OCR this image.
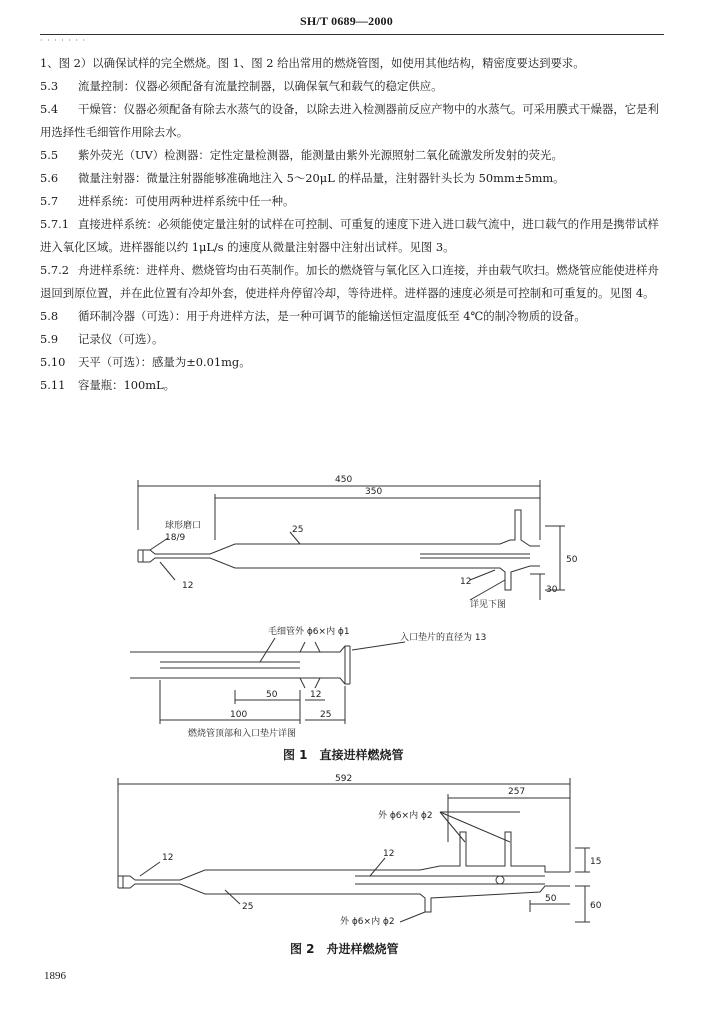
SH/T 0689—2000
· · · · · · ·

1、图 2）以确保试样的完全燃烧。图 1、图 2 给出常用的燃烧管图，如使用其他结构，精密度要达到要求。

5.3 流量控制：仪器必须配备有流量控制器，以确保氧气和载气的稳定供应。

5.4 干燥管：仪器必须配备有除去水蒸气的设备，以除去进入检测器前反应产物中的水蒸气。可采用膜式干燥器，它是利用选择性毛细管作用除去水。

5.5 紫外荧光（UV）检测器：定性定量检测器，能测量由紫外光源照射二氧化硫激发所发射的荧光。

5.6 微量注射器：微量注射器能够准确地注入 5～20μL 的样品量，注射器针头长为 50mm±5mm。

5.7 进样系统：可使用两种进样系统中任一种。

5.7.1 直接进样系统：必须能使定量注射的试样在可控制、可重复的速度下进入进口载气流中，进口载气的作用是携带试样进入氧化区域。进样器能以约 1μL/s 的速度从微量注射器中注射出试样。见图 3。

5.7.2 舟进样系统：进样舟、燃烧管均由石英制作。加长的燃烧管与氧化区入口连接，并由载气吹扫。燃烧管应能使进样舟退回到原位置，并在此位置有冷却外套，使进样舟停留冷却，等待进样。进样器的速度必须是可控制和可重复的。见图 4。

5.8 循环制冷器（可选）：用于舟进样方法，是一种可调节的能输送恒定温度低至 4℃的制冷物质的设备。

5.9 记录仪（可选）。

5.10 天平（可选）：感量为±0.01mg。

5.11 容量瓶：100mL。

450
350
球形磨口
18/9
25
12	12
50
30
详见下图
毛细管外 ϕ6×内 ϕ1
入口垫片的直径为 13
50	12
100	25
燃烧管顶部和入口垫片详图
图 1　直接进样燃烧管
592
257
外 ϕ6×内 ϕ2
外 ϕ6×内 ϕ2
12	12
25
50
15
60
图 2　舟进样燃烧管
1896
